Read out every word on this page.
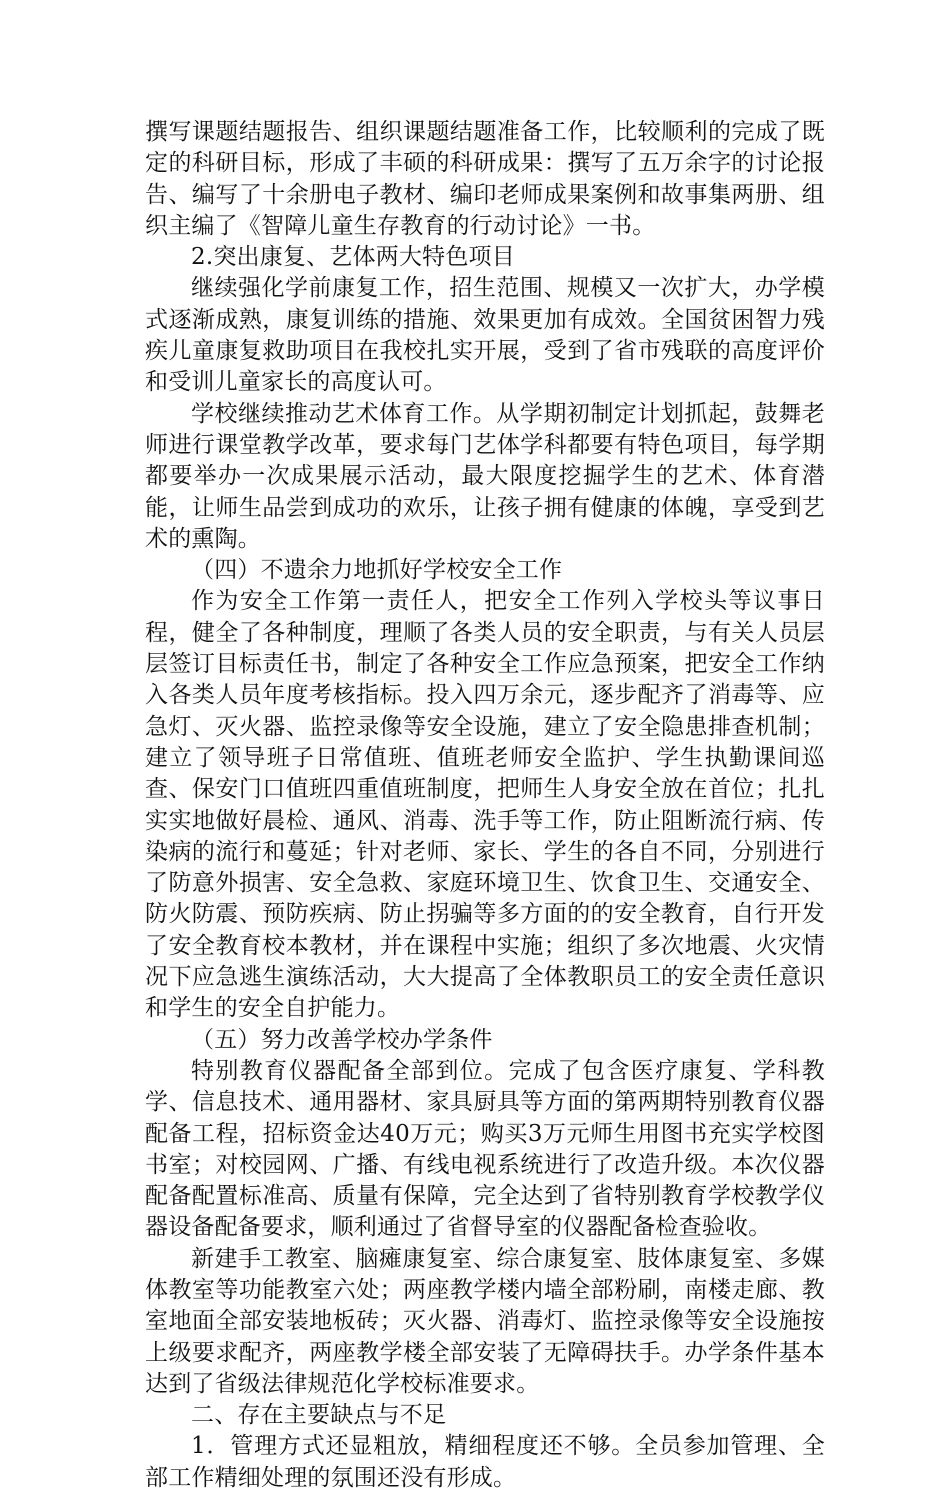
撰写课题结题报告、组织课题结题准备工作，比较顺利的完成了既定的科研目标，形成了丰硕的科研成果：撰写了五万余字的讨论报告、编写了十余册电子教材、编印老师成果案例和故事集两册、组织主编了《智障儿童生存教育的行动讨论》一书。

2.突出康复、艺体两大特色项目

继续强化学前康复工作，招生范围、规模又一次扩大，办学模式逐渐成熟，康复训练的措施、效果更加有成效。全国贫困智力残疾儿童康复救助项目在我校扎实开展，受到了省市残联的高度评价和受训儿童家长的高度认可。

学校继续推动艺术体育工作。从学期初制定计划抓起，鼓舞老师进行课堂教学改革，要求每门艺体学科都要有特色项目，每学期都要举办一次成果展示活动，最大限度挖掘学生的艺术、体育潜能，让师生品尝到成功的欢乐，让孩子拥有健康的体魄，享受到艺术的熏陶。

（四）不遗余力地抓好学校安全工作

作为安全工作第一责任人，把安全工作列入学校头等议事日程，健全了各种制度，理顺了各类人员的安全职责，与有关人员层层签订目标责任书，制定了各种安全工作应急预案，把安全工作纳入各类人员年度考核指标。投入四万余元，逐步配齐了消毒等、应急灯、灭火器、监控录像等安全设施，建立了安全隐患排查机制；建立了领导班子日常值班、值班老师安全监护、学生执勤课间巡查、保安门口值班四重值班制度，把师生人身安全放在首位；扎扎实实地做好晨检、通风、消毒、洗手等工作，防止阻断流行病、传染病的流行和蔓延；针对老师、家长、学生的各自不同，分别进行了防意外损害、安全急救、家庭环境卫生、饮食卫生、交通安全、防火防震、预防疾病、防止拐骗等多方面的的安全教育，自行开发了安全教育校本教材，并在课程中实施；组织了多次地震、火灾情况下应急逃生演练活动，大大提高了全体教职员工的安全责任意识和学生的安全自护能力。

（五）努力改善学校办学条件

特别教育仪器配备全部到位。完成了包含医疗康复、学科教学、信息技术、通用器材、家具厨具等方面的第两期特别教育仪器配备工程，招标资金达40万元；购买3万元师生用图书充实学校图书室；对校园网、广播、有线电视系统进行了改造升级。本次仪器配备配置标准高、质量有保障，完全达到了省特别教育学校教学仪器设备配备要求，顺利通过了省督导室的仪器配备检查验收。

新建手工教室、脑瘫康复室、综合康复室、肢体康复室、多媒体教室等功能教室六处；两座教学楼内墙全部粉刷，南楼走廊、教室地面全部安装地板砖；灭火器、消毒灯、监控录像等安全设施按上级要求配齐，两座教学楼全部安装了无障碍扶手。办学条件基本达到了省级法律规范化学校标准要求。

二、存在主要缺点与不足

1．管理方式还显粗放，精细程度还不够。全员参加管理、全部工作精细处理的氛围还没有形成。
